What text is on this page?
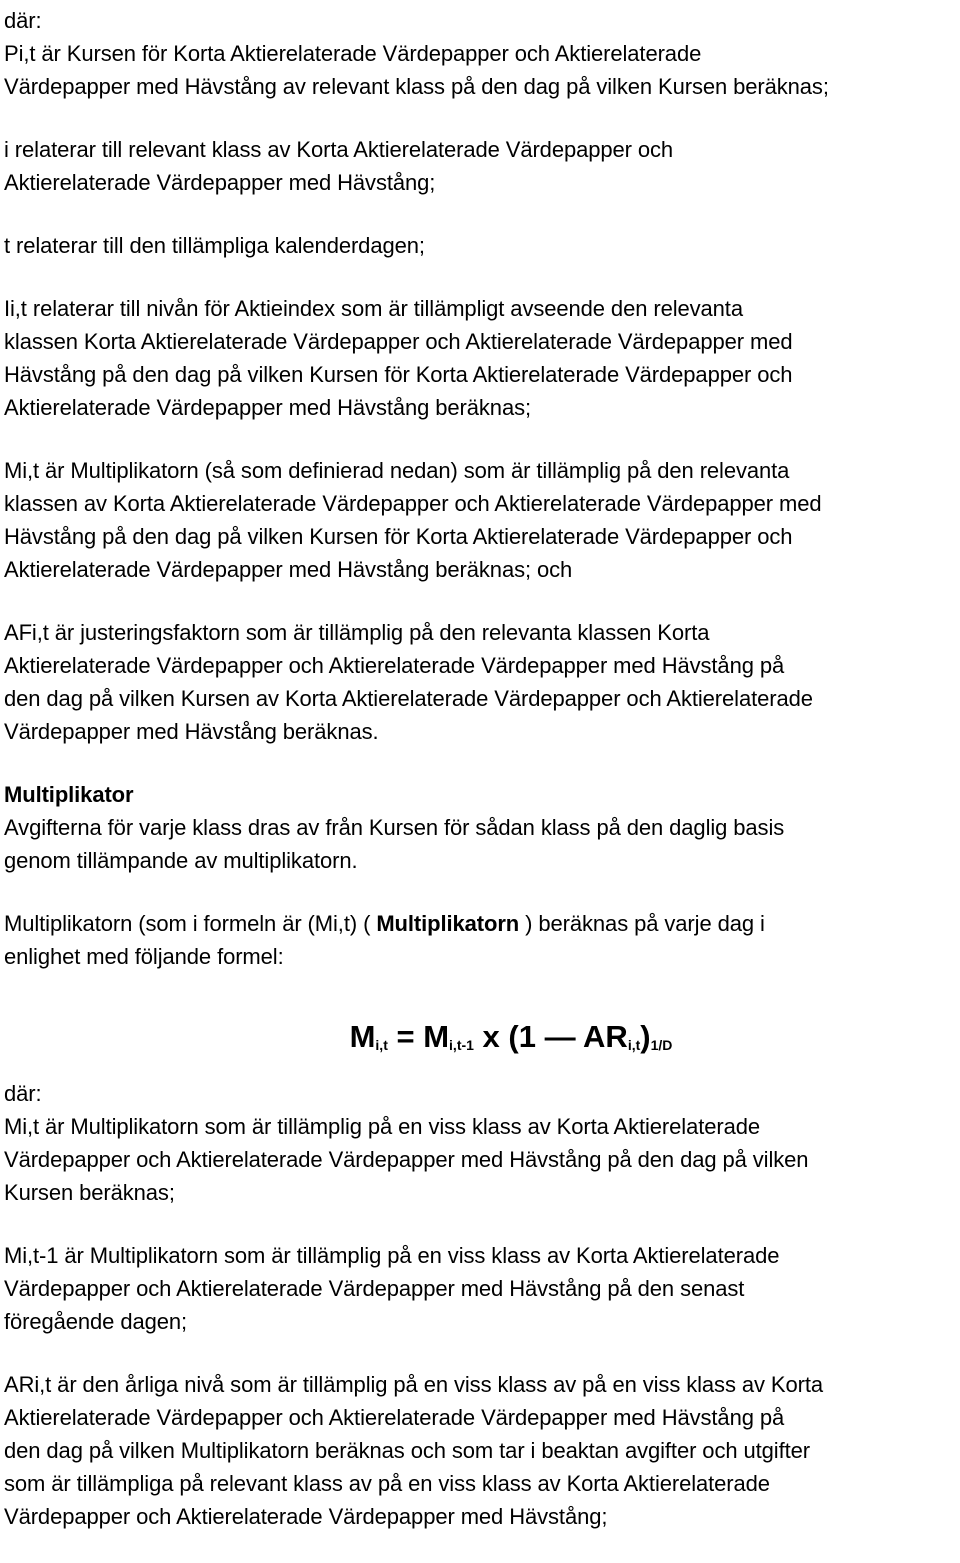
där:
Pi,t är Kursen för Korta Aktierelaterade Värdepapper och Aktierelaterade
Värdepapper med Hävstång av relevant klass på den dag på vilken Kursen beräknas;
i relaterar till relevant klass av Korta Aktierelaterade Värdepapper och
Aktierelaterade Värdepapper med Hävstång;
t relaterar till den tillämpliga kalenderdagen;
Ii,t relaterar till nivån för Aktieindex som är tillämpligt avseende den relevanta
klassen Korta Aktierelaterade Värdepapper och Aktierelaterade Värdepapper med
Hävstång på den dag på vilken Kursen för Korta Aktierelaterade Värdepapper och
Aktierelaterade Värdepapper med Hävstång beräknas;
Mi,t är Multiplikatorn (så som definierad nedan) som är tillämplig på den relevanta
klassen av Korta Aktierelaterade Värdepapper och Aktierelaterade Värdepapper med
Hävstång på den dag på vilken Kursen för Korta Aktierelaterade Värdepapper och
Aktierelaterade Värdepapper med Hävstång beräknas; och
AFi,t är justeringsfaktorn som är tillämplig på den relevanta klassen Korta
Aktierelaterade Värdepapper och Aktierelaterade Värdepapper med Hävstång på
den dag på vilken Kursen av Korta Aktierelaterade Värdepapper och Aktierelaterade
Värdepapper med Hävstång beräknas.
Multiplikator
Avgifterna för varje klass dras av från Kursen för sådan klass på den daglig basis
genom tillämpande av multiplikatorn.
Multiplikatorn (som i formeln är (Mi,t) ( Multiplikatorn ) beräknas på varje dag i
enlighet med följande formel:
$M_{i,t} = M_{i,t-1}$ x (1 — $AR_{i,t})_{1/D}$
där:
Mi,t är Multiplikatorn som är tillämplig på en viss klass av Korta Aktierelaterade
Värdepapper och Aktierelaterade Värdepapper med Hävstång på den dag på vilken
Kursen beräknas;
Mi,t-1 är Multiplikatorn som är tillämplig på en viss klass av Korta Aktierelaterade
Värdepapper och Aktierelaterade Värdepapper med Hävstång på den senast
föregående dagen;
ARi,t är den årliga nivå som är tillämplig på en viss klass av på en viss klass av Korta
Aktierelaterade Värdepapper och Aktierelaterade Värdepapper med Hävstång på
den dag på vilken Multiplikatorn beräknas och som tar i beaktan avgifter och utgifter
som är tillämpliga på relevant klass av på en viss klass av Korta Aktierelaterade
Värdepapper och Aktierelaterade Värdepapper med Hävstång;
